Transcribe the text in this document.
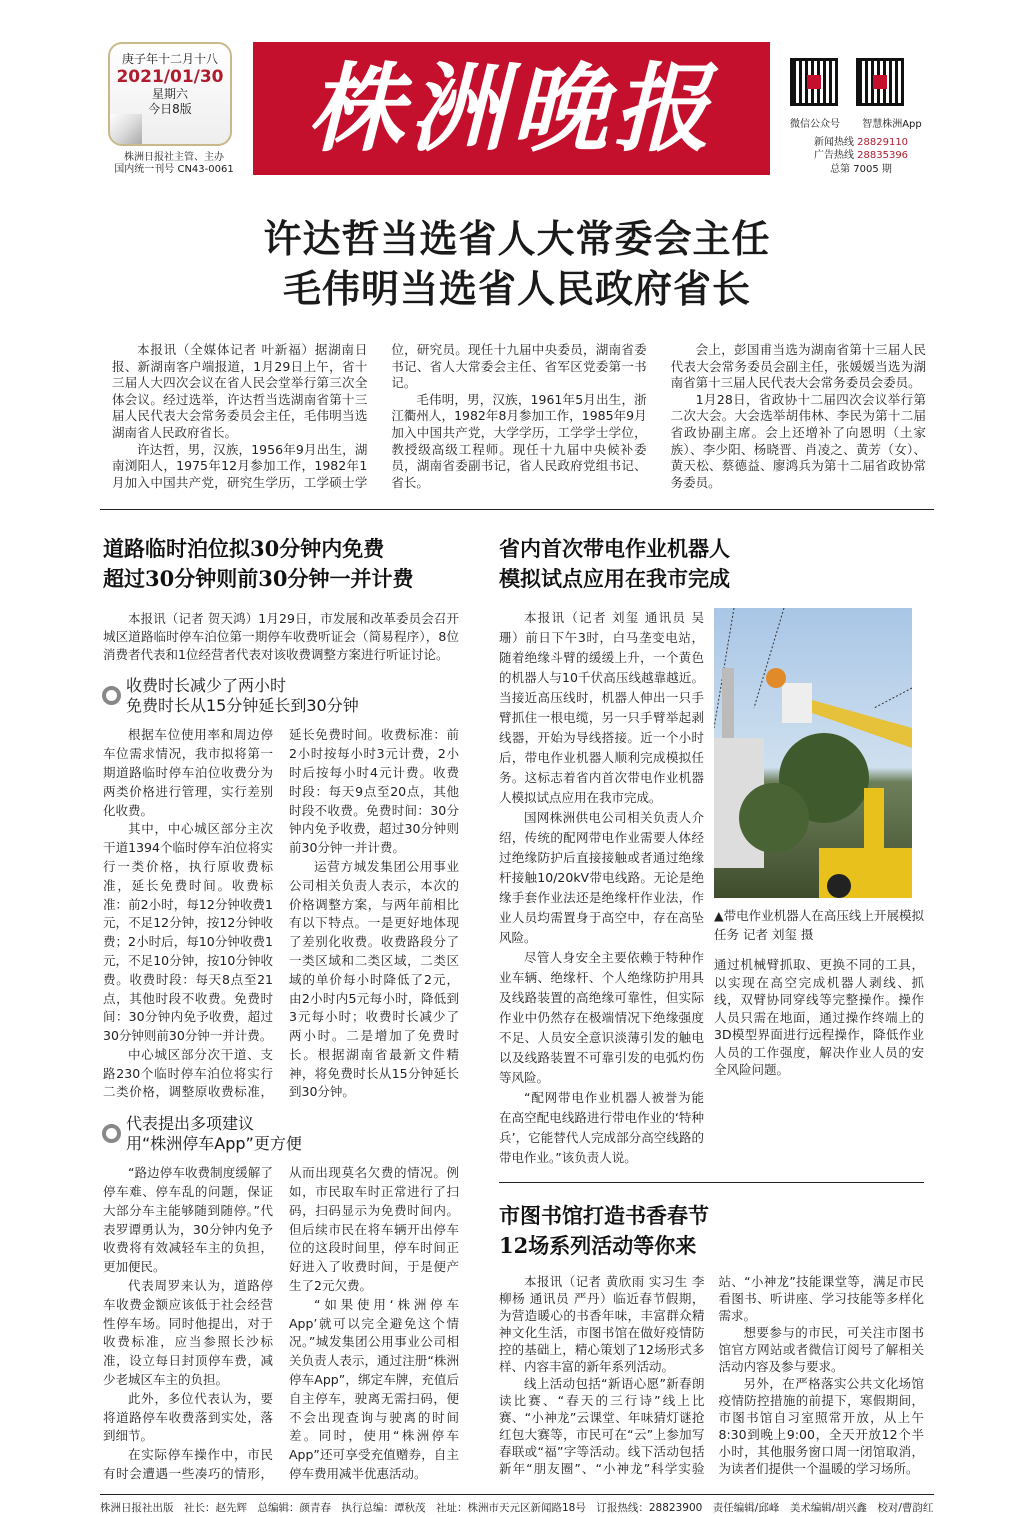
庚子年十二月十八
2021/01/30
星期六
今日8版
株洲日报社主管、主办
国内统一刊号 CN43-0061
株洲晚报	微信公众号	智慧株洲App
新闻热线 28829110
广告热线 28835396
总第 7005 期
许达哲当选省人大常委会主任
毛伟明当选省人民政府省长

本报讯（全媒体记者 叶新福）据湖南日报、新湖南客户端报道，1月29日上午，省十三届人大四次会议在省人民会堂举行第三次全体会议。经过选举，许达哲当选湖南省第十三届人民代表大会常务委员会主任，毛伟明当选湖南省人民政府省长。

许达哲，男，汉族，1956年9月出生，湖南浏阳人，1975年12月参加工作，1982年1月加入中国共产党，研究生学历，工学硕士学位，研究员。现任十九届中央委员，湖南省委书记、省人大常委会主任、省军区党委第一书记。

毛伟明，男，汉族，1961年5月出生，浙江衢州人，1982年8月参加工作，1985年9月加入中国共产党，大学学历，工学学士学位，教授级高级工程师。现任十九届中央候补委员，湖南省委副书记，省人民政府党组书记、省长。

会上，彭国甫当选为湖南省第十三届人民代表大会常务委员会副主任，张媛媛当选为湖南省第十三届人民代表大会常务委员会委员。

1月28日，省政协十二届四次会议举行第二次大会。大会选举胡伟林、李民为第十二届省政协副主席。会上还增补了向恩明（土家族）、李少阳、杨晓晋、肖凌之、黄芳（女）、黄天松、蔡德益、廖鸿兵为第十二届省政协常务委员。

道路临时泊位拟30分钟内免费
超过30分钟则前30分钟一并计费

本报讯（记者 贺天鸿）1月29日，市发展和改革委员会召开城区道路临时停车泊位第一期停车收费听证会（简易程序），8位消费者代表和1位经营者代表对该收费调整方案进行听证讨论。

收费时长减少了两小时
免费时长从15分钟延长到30分钟

根据车位使用率和周边停车位需求情况，我市拟将第一期道路临时停车泊位收费分为两类价格进行管理，实行差别化收费。

其中，中心城区部分主次干道1394个临时停车泊位将实行一类价格，执行原收费标准，延长免费时间。收费标准：前2小时，每12分钟收费1元，不足12分钟，按12分钟收费；2小时后，每10分钟收费1元，不足10分钟，按10分钟收费。收费时段：每天8点至21点，其他时段不收费。免费时间：30分钟内免予收费，超过30分钟则前30分钟一并计费。

中心城区部分次干道、支路230个临时停车泊位将实行二类价格，调整原收费标准，延长免费时间。收费标准：前2小时按每小时3元计费，2小时后按每小时4元计费。收费时段：每天9点至20点，其他时段不收费。免费时间：30分钟内免予收费，超过30分钟则前30分钟一并计费。

运营方城发集团公用事业公司相关负责人表示，本次的价格调整方案，与两年前相比有以下特点。一是更好地体现了差别化收费。收费路段分了一类区域和二类区域，二类区域的单价每小时降低了2元，由2小时内5元每小时，降低到3元每小时；收费时长减少了两小时。二是增加了免费时长。根据湖南省最新文件精神，将免费时长从15分钟延长到30分钟。

代表提出多项建议
用“株洲停车App”更方便

“路边停车收费制度缓解了停车难、停车乱的问题，保证大部分车主能够随到随停。”代表罗谭勇认为，30分钟内免予收费将有效减轻车主的负担，更加便民。

代表周罗来认为，道路停车收费金额应该低于社会经营性停车场。同时他提出，对于收费标准，应当参照长沙标准，设立每日封顶停车费，减少老城区车主的负担。

此外，多位代表认为，要将道路停车收费落到实处，落到细节。

在实际停车操作中，市民有时会遭遇一些凑巧的情形，从而出现莫名欠费的情况。例如，市民取车时正常进行了扫码，扫码显示为免费时间内。但后续市民在将车辆开出停车位的这段时间里，停车时间正好进入了收费时间，于是便产生了2元欠费。

“如果使用‘株洲停车App’就可以完全避免这个情况。”城发集团公用事业公司相关负责人表示，通过注册“株洲停车App”，绑定车牌，充值后自主停车，驶离无需扫码，便不会出现查询与驶离的时间差。同时，使用“株洲停车App”还可享受充值赠券，自主停车费用减半优惠活动。

省内首次带电作业机器人
模拟试点应用在我市完成

本报讯（记者 刘玺 通讯员 吴珊）前日下午3时，白马垄变电站，随着绝缘斗臂的缓缓上升，一个黄色的机器人与10千伏高压线越靠越近。当接近高压线时，机器人伸出一只手臂抓住一根电缆，另一只手臂举起剥线器，开始为导线搭接。近一个小时后，带电作业机器人顺利完成模拟任务。这标志着省内首次带电作业机器人模拟试点应用在我市完成。

国网株洲供电公司相关负责人介绍，传统的配网带电作业需要人体经过绝缘防护后直接接触或者通过绝缘杆接触10/20kV带电线路。无论是绝缘手套作业法还是绝缘杆作业法，作业人员均需置身于高空中，存在高坠风险。

尽管人身安全主要依赖于特种作业车辆、绝缘杆、个人绝缘防护用具及线路装置的高绝缘可靠性，但实际作业中仍然存在极端情况下绝缘强度不足、人员安全意识淡薄引发的触电以及线路装置不可靠引发的电弧灼伤等风险。

“配网带电作业机器人被誉为能在高空配电线路进行带电作业的‘特种兵’，它能替代人完成部分高空线路的带电作业。”该负责人说。

▲带电作业机器人在高压线上开展模拟任务 记者 刘玺 摄

通过机械臂抓取、更换不同的工具，以实现在高空完成机器人剥线、抓线，双臂协同穿线等完整操作。操作人员只需在地面，通过操作终端上的3D模型界面进行远程操作，降低作业人员的工作强度，解决作业人员的安全风险问题。

市图书馆打造书香春节
12场系列活动等你来

本报讯（记者 黄欣雨 实习生 李柳杨 通讯员 严丹）临近春节假期，为营造暖心的书香年味，丰富群众精神文化生活，市图书馆在做好疫情防控的基础上，精心策划了12场形式多样、内容丰富的新年系列活动。

线上活动包括“新语心愿”新春朗读比赛、“春天的三行诗”线上比赛、“小神龙”云课堂、年味猜灯谜抢红包大赛等，市民可在“云”上参加写春联或“福”字等活动。线下活动包括新年“朋友圈”、“小神龙”科学实验站、“小神龙”技能课堂等，满足市民看图书、听讲座、学习技能等多样化需求。

想要参与的市民，可关注市图书馆官方网站或者微信订阅号了解相关活动内容及参与要求。

另外，在严格落实公共文化场馆疫情防控措施的前提下，寒假期间，市图书馆自习室照常开放，从上午8:30到晚上9:00，全天开放12个半小时，其他服务窗口周一闭馆取消，为读者们提供一个温暖的学习场所。

株洲日报社出版　社长：赵先辉　总编辑：颜青春　执行总编：谭秋茂　社址：株洲市天元区新闻路18号　订报热线：28823900　责任编辑/邱峰　美术编辑/胡兴鑫　校对/曹韵红
